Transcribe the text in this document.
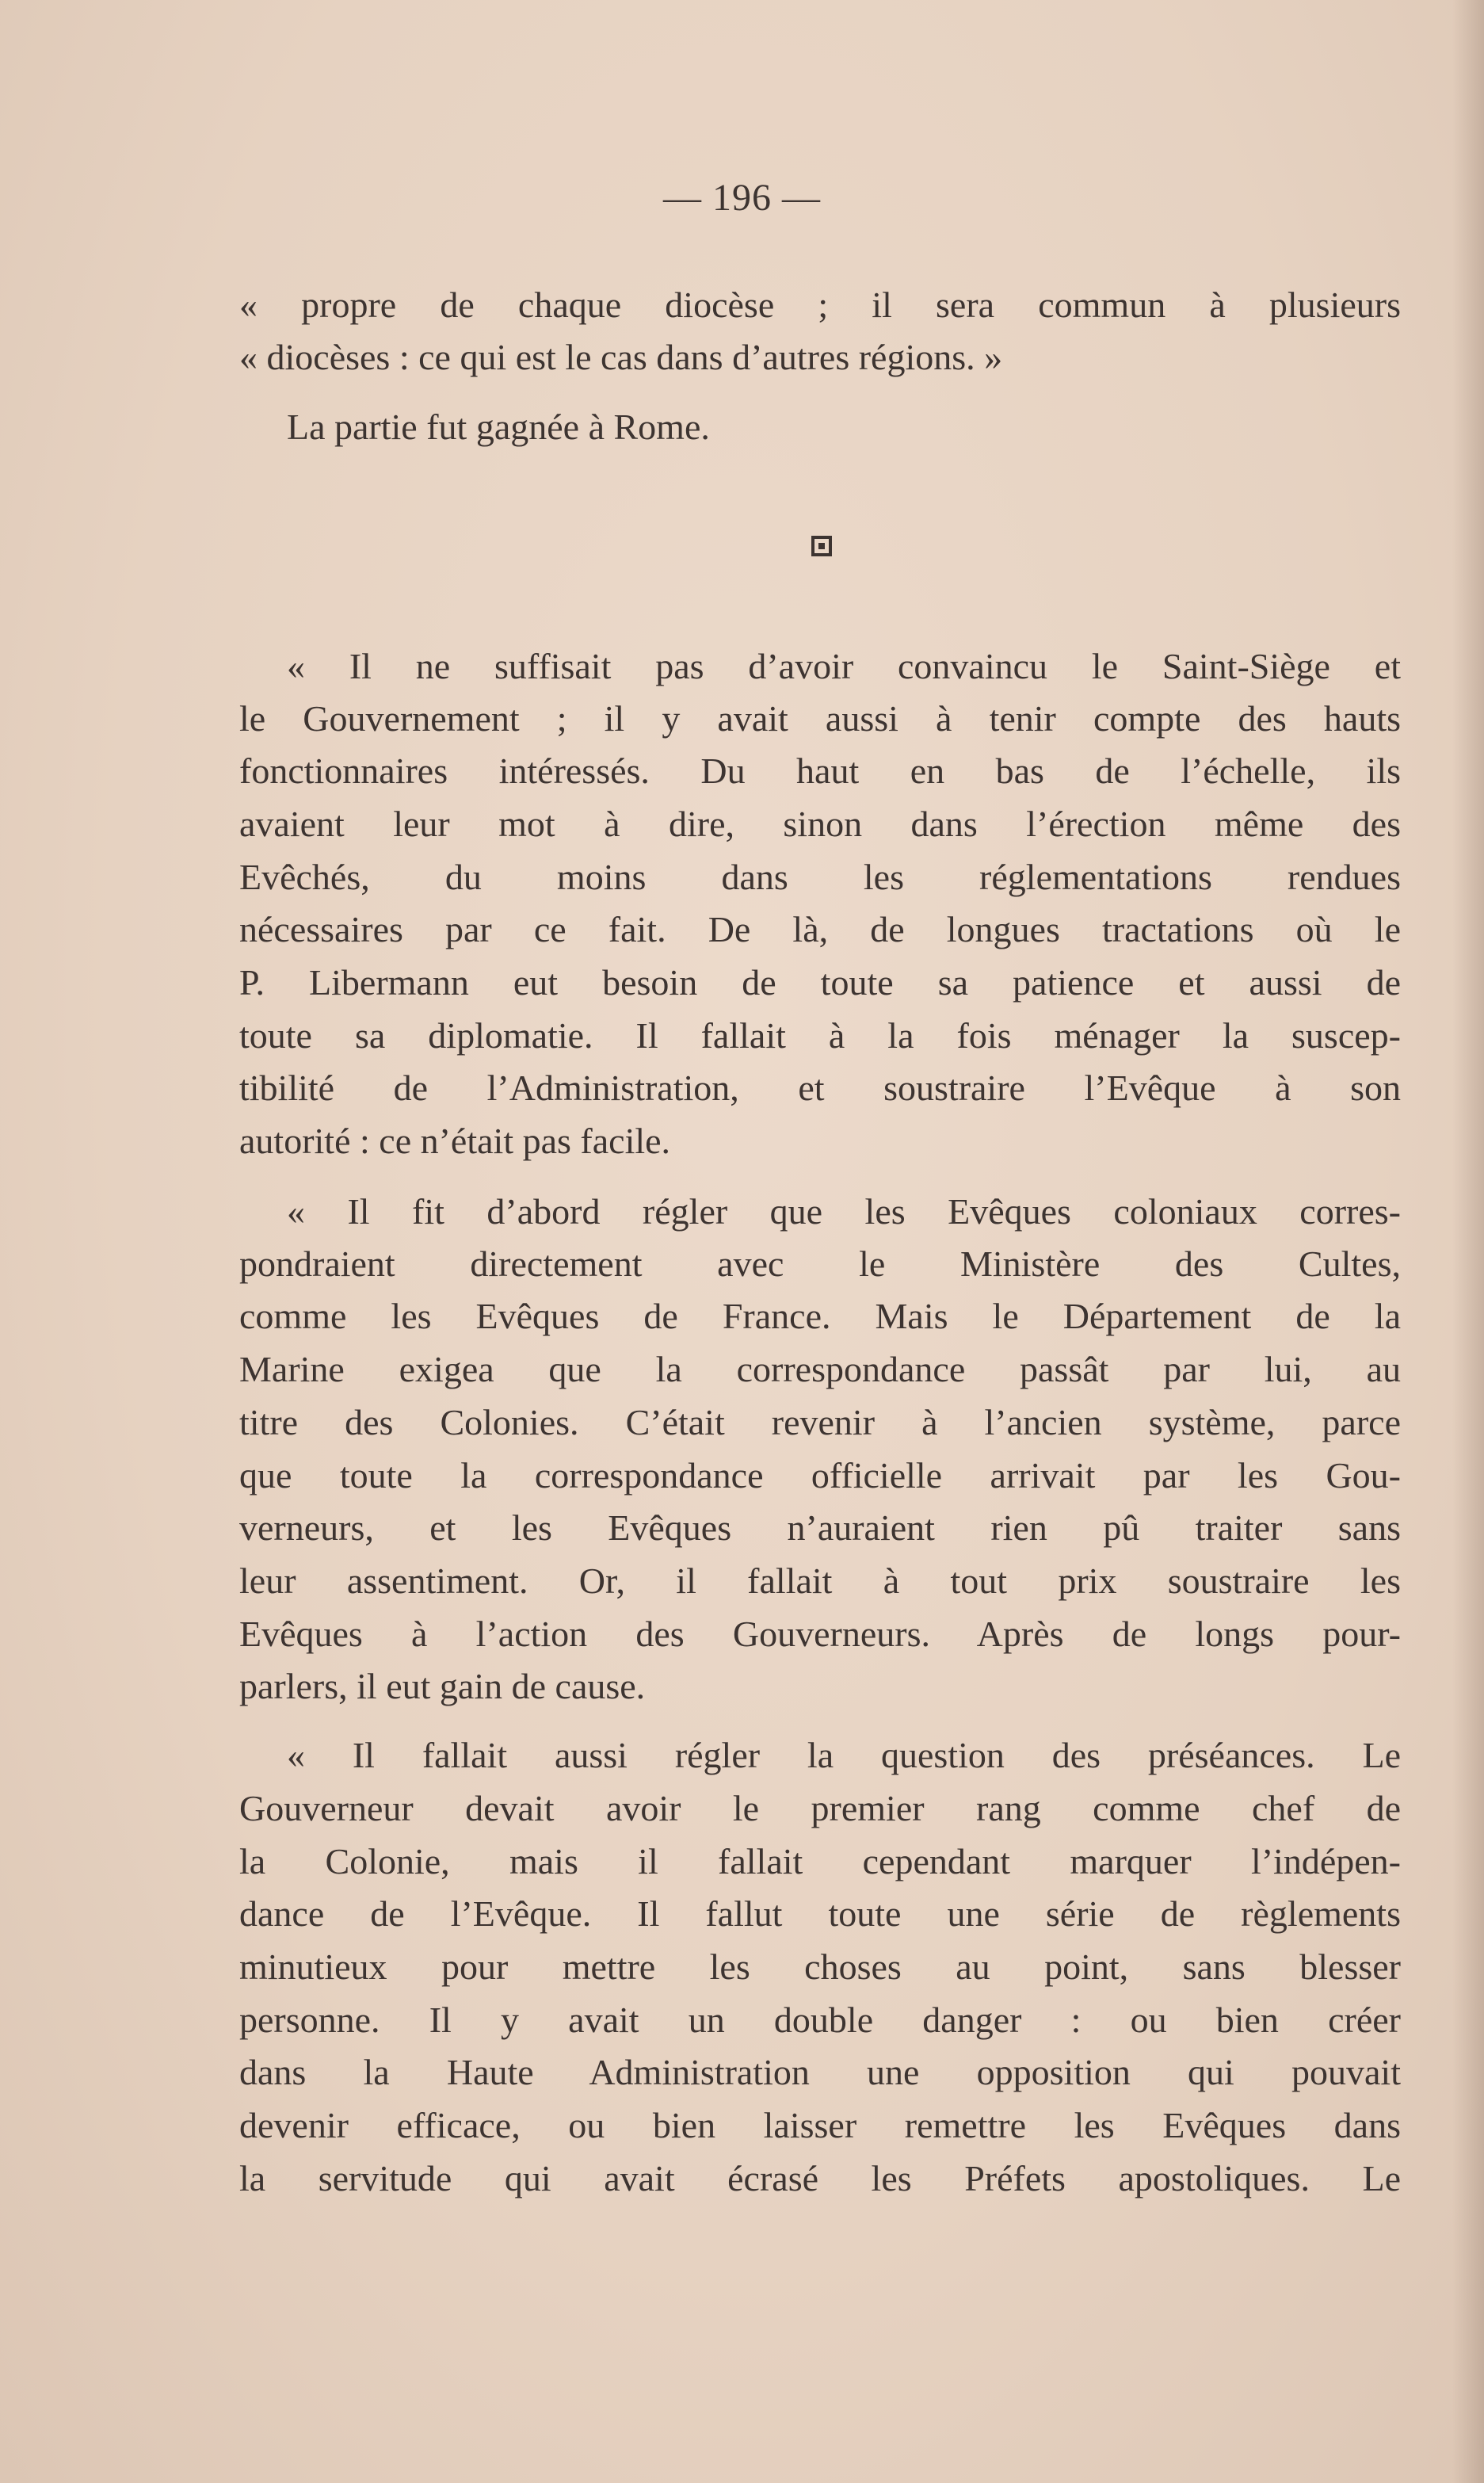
— 196 —
« propre de chaque diocèse ; il sera commun à plusieurs
« diocèses : ce qui est le cas dans d’autres régions. »
La partie fut gagnée à Rome.
« Il ne suffisait pas d’avoir convaincu le Saint-Siège et
le Gouvernement ; il y avait aussi à tenir compte des hauts
fonctionnaires intéressés. Du haut en bas de l’échelle, ils
avaient leur mot à dire, sinon dans l’érection même des
Evêchés, du moins dans les réglementations rendues
nécessaires par ce fait. De là, de longues tractations où le
P. Libermann eut besoin de toute sa patience et aussi de
toute sa diplomatie. Il fallait à la fois ménager la suscep-
tibilité de l’Administration, et soustraire l’Evêque à son
autorité : ce n’était pas facile.
« Il fit d’abord régler que les Evêques coloniaux corres-
pondraient directement avec le Ministère des Cultes,
comme les Evêques de France. Mais le Département de la
Marine exigea que la correspondance passât par lui, au
titre des Colonies. C’était revenir à l’ancien système, parce
que toute la correspondance officielle arrivait par les Gou-
verneurs, et les Evêques n’auraient rien pû traiter sans
leur assentiment. Or, il fallait à tout prix soustraire les
Evêques à l’action des Gouverneurs. Après de longs pour-
parlers, il eut gain de cause.
« Il fallait aussi régler la question des préséances. Le
Gouverneur devait avoir le premier rang comme chef de
la Colonie, mais il fallait cependant marquer l’indépen-
dance de l’Evêque. Il fallut toute une série de règlements
minutieux pour mettre les choses au point, sans blesser
personne. Il y avait un double danger : ou bien créer
dans la Haute Administration une opposition qui pouvait
devenir efficace, ou bien laisser remettre les Evêques dans
la servitude qui avait écrasé les Préfets apostoliques. Le
